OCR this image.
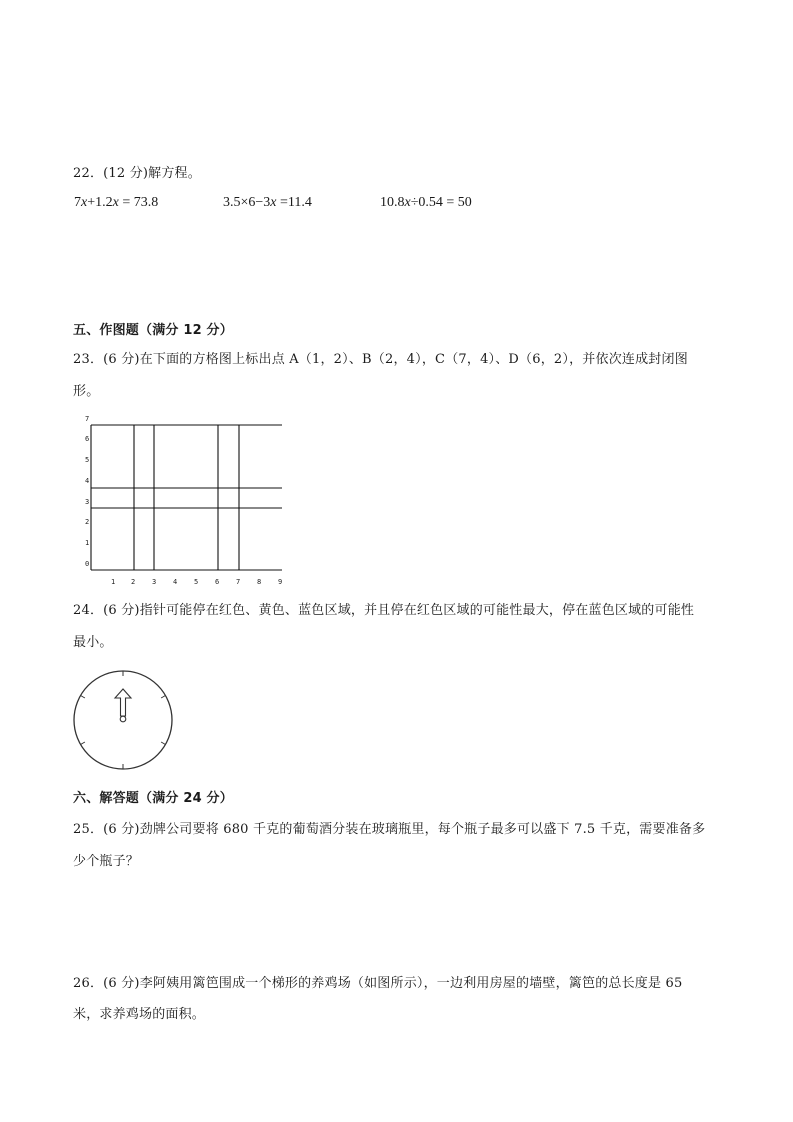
22．(12 分)解方程。
7x+1.2x = 73.8	3.5×6−3x =11.4	10.8x÷0.54 = 50
五、作图题（满分 12 分）
23．(6 分)在下面的方格图上标出点 A（1，2）、B（2，4），C（7，4）、D（6，2），并依次连成封闭图
形。
7
6
5
4
3
2
1
0
1 2 3 4 5 6 7 8 9
24．(6 分)指针可能停在红色、黄色、蓝色区域，并且停在红色区域的可能性最大，停在蓝色区域的可能性
最小。
六、解答题（满分 24 分）
25．(6 分)劲牌公司要将 680 千克的葡萄酒分装在玻璃瓶里，每个瓶子最多可以盛下 7.5 千克，需要准备多
少个瓶子？
26．(6 分)李阿姨用篱笆围成一个梯形的养鸡场（如图所示），一边利用房屋的墙壁，篱笆的总长度是 65
米，求养鸡场的面积。
